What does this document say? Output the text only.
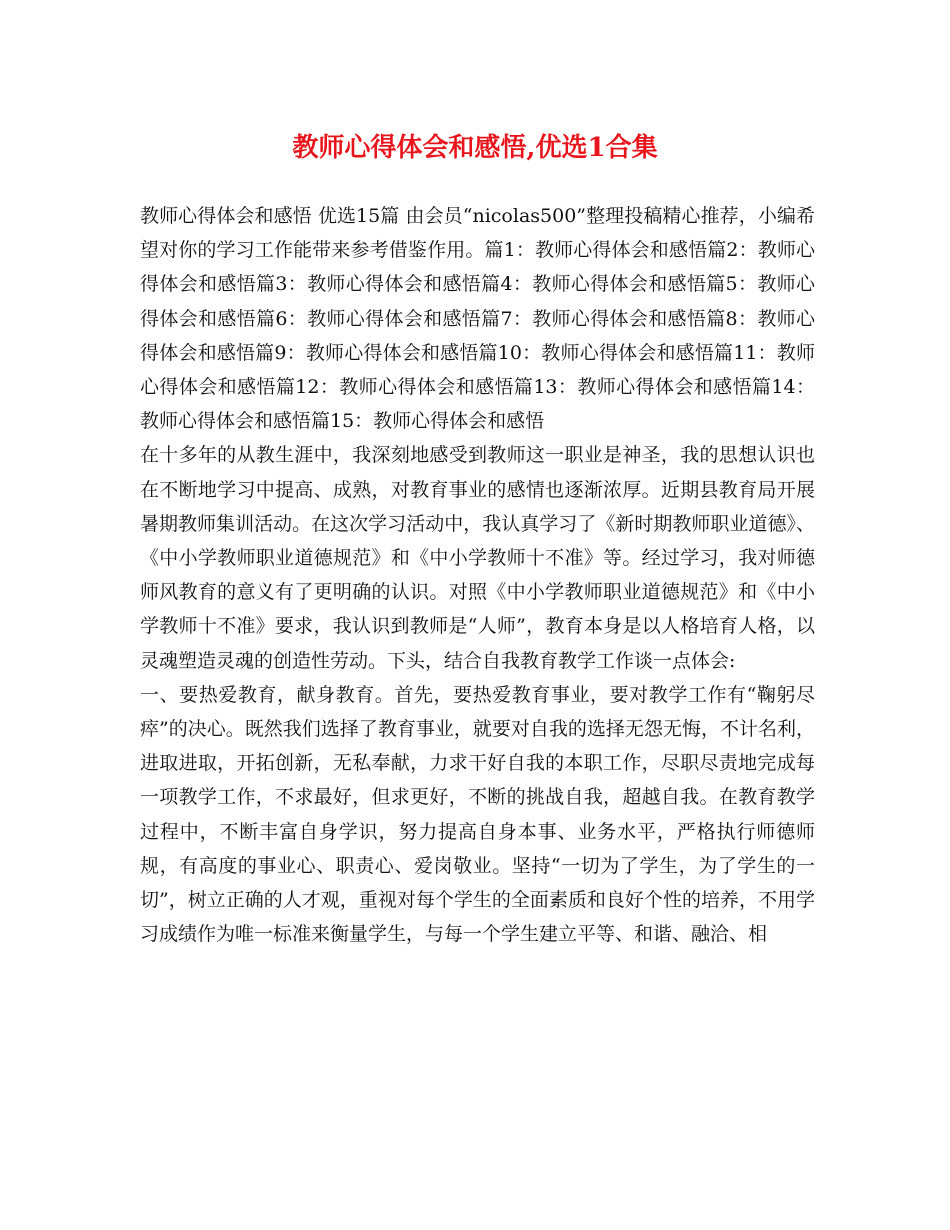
教师心得体会和感悟,优选1合集

教师心得体会和感悟 优选15篇 由会员“nicolas500”整理投稿精心推荐，小编希望对你的学习工作能带来参考借鉴作用。篇1：教师心得体会和感悟篇2：教师心得体会和感悟篇3：教师心得体会和感悟篇4：教师心得体会和感悟篇5：教师心得体会和感悟篇6：教师心得体会和感悟篇7：教师心得体会和感悟篇8：教师心得体会和感悟篇9：教师心得体会和感悟篇10：教师心得体会和感悟篇11：教师心得体会和感悟篇12：教师心得体会和感悟篇13：教师心得体会和感悟篇14：教师心得体会和感悟篇15：教师心得体会和感悟

在十多年的从教生涯中，我深刻地感受到教师这一职业是神圣，我的思想认识也在不断地学习中提高、成熟，对教育事业的感情也逐渐浓厚。近期县教育局开展暑期教师集训活动。在这次学习活动中，我认真学习了《新时期教师职业道德》、《中小学教师职业道德规范》和《中小学教师十不准》等。经过学习，我对师德师风教育的意义有了更明确的认识。对照《中小学教师职业道德规范》和《中小学教师十不准》要求，我认识到教师是“人师”，教育本身是以人格培育人格，以灵魂塑造灵魂的创造性劳动。下头，结合自我教育教学工作谈一点体会:

一、要热爱教育，献身教育。首先，要热爱教育事业，要对教学工作有“鞠躬尽瘁”的决心。既然我们选择了教育事业，就要对自我的选择无怨无悔，不计名利，进取进取，开拓创新，无私奉献，力求干好自我的本职工作，尽职尽责地完成每一项教学工作，不求最好，但求更好，不断的挑战自我，超越自我。在教育教学过程中，不断丰富自身学识，努力提高自身本事、业务水平，严格执行师德师规，有高度的事业心、职责心、爱岗敬业。坚持“一切为了学生，为了学生的一切”，树立正确的人才观，重视对每个学生的全面素质和良好个性的培养，不用学习成绩作为唯一标准来衡量学生，与每一个学生建立平等、和谐、融洽、相
